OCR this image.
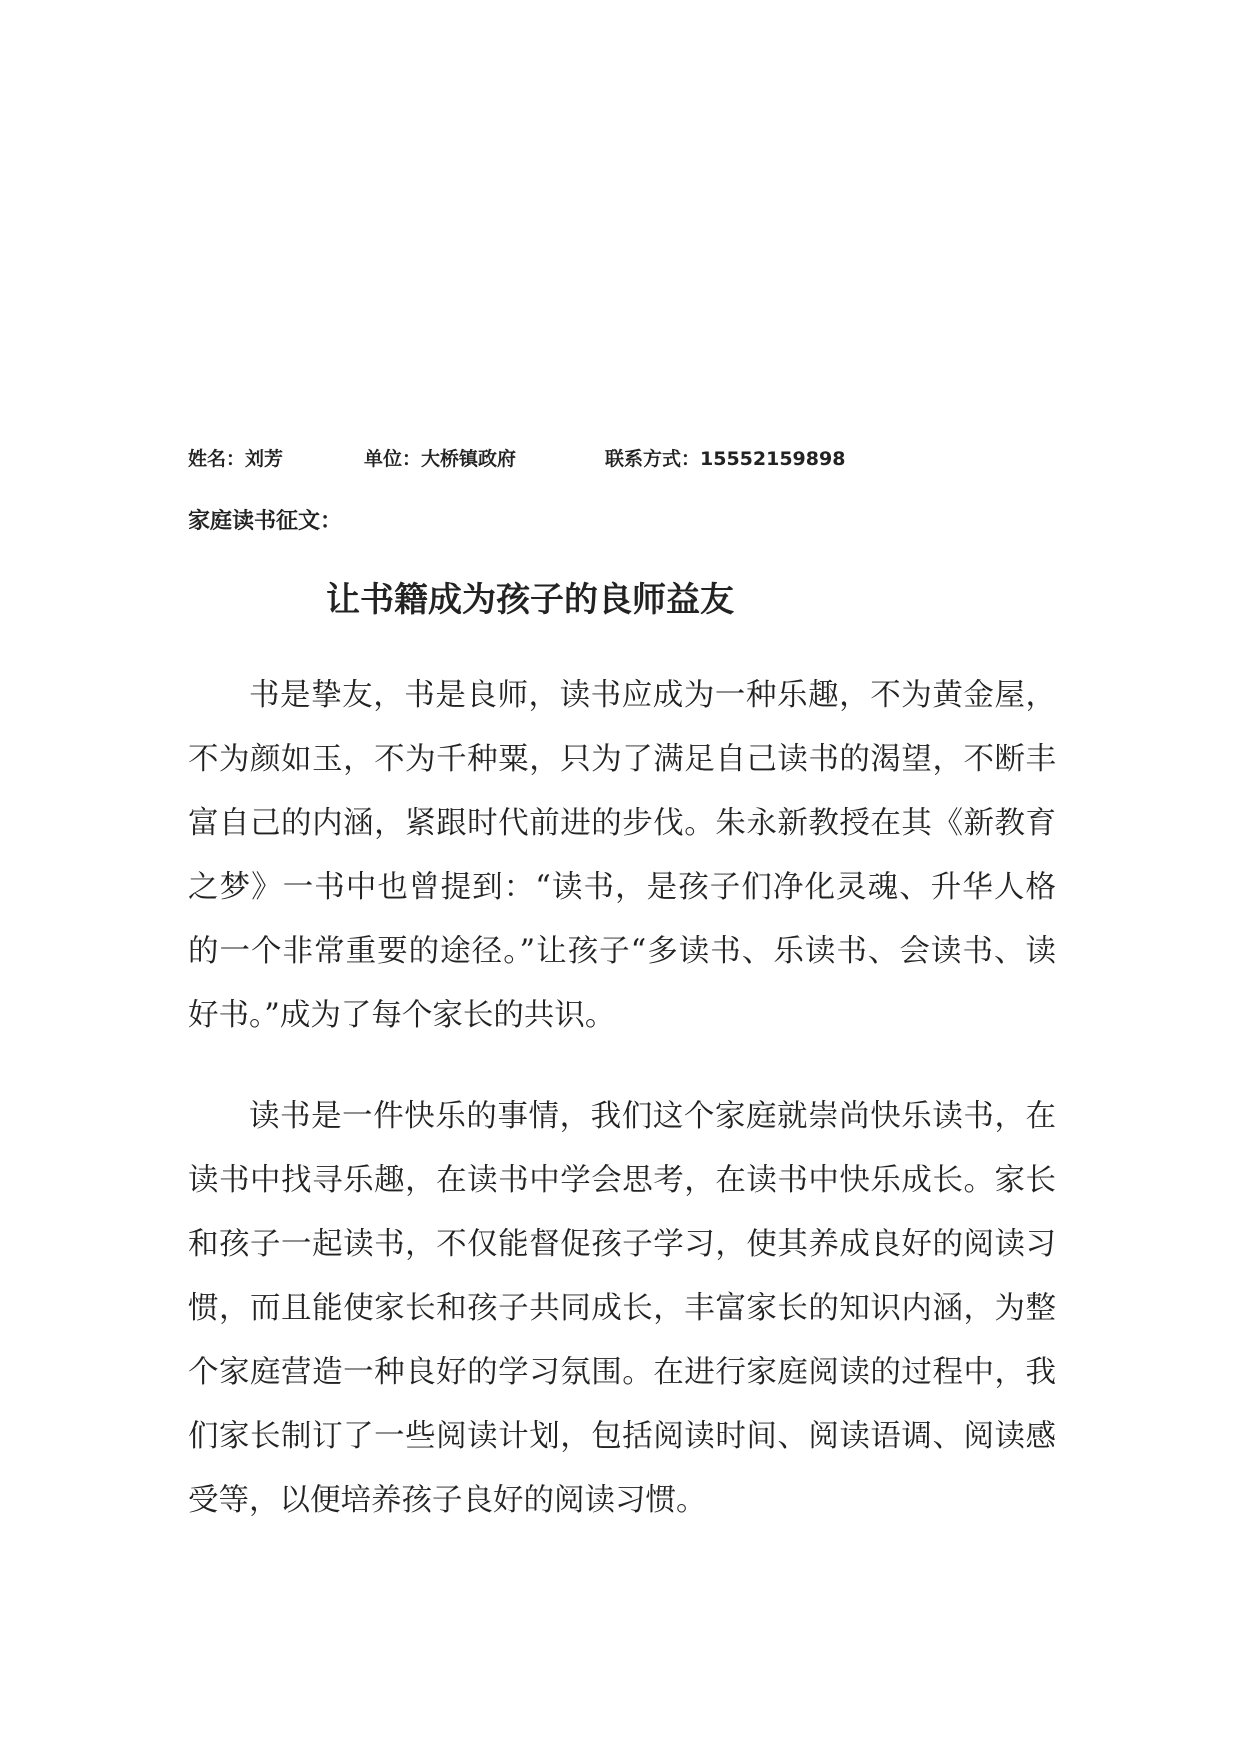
姓名：刘芳	单位：大桥镇政府	联系方式：15552159898
家庭读书征文：
让书籍成为孩子的良师益友

书是挚友，书是良师，读书应成为一种乐趣，不为黄金屋，不为颜如玉，不为千种粟，只为了满足自己读书的渴望，不断丰富自己的内涵，紧跟时代前进的步伐。朱永新教授在其《新教育之梦》一书中也曾提到：“读书，是孩子们净化灵魂、升华人格的一个非常重要的途径。”让孩子“多读书、乐读书、会读书、读好书。”成为了每个家长的共识。

读书是一件快乐的事情，我们这个家庭就崇尚快乐读书，在读书中找寻乐趣，在读书中学会思考，在读书中快乐成长。家长和孩子一起读书，不仅能督促孩子学习，使其养成良好的阅读习惯，而且能使家长和孩子共同成长，丰富家长的知识内涵，为整个家庭营造一种良好的学习氛围。在进行家庭阅读的过程中，我们家长制订了一些阅读计划，包括阅读时间、阅读语调、阅读感受等，以便培养孩子良好的阅读习惯。
